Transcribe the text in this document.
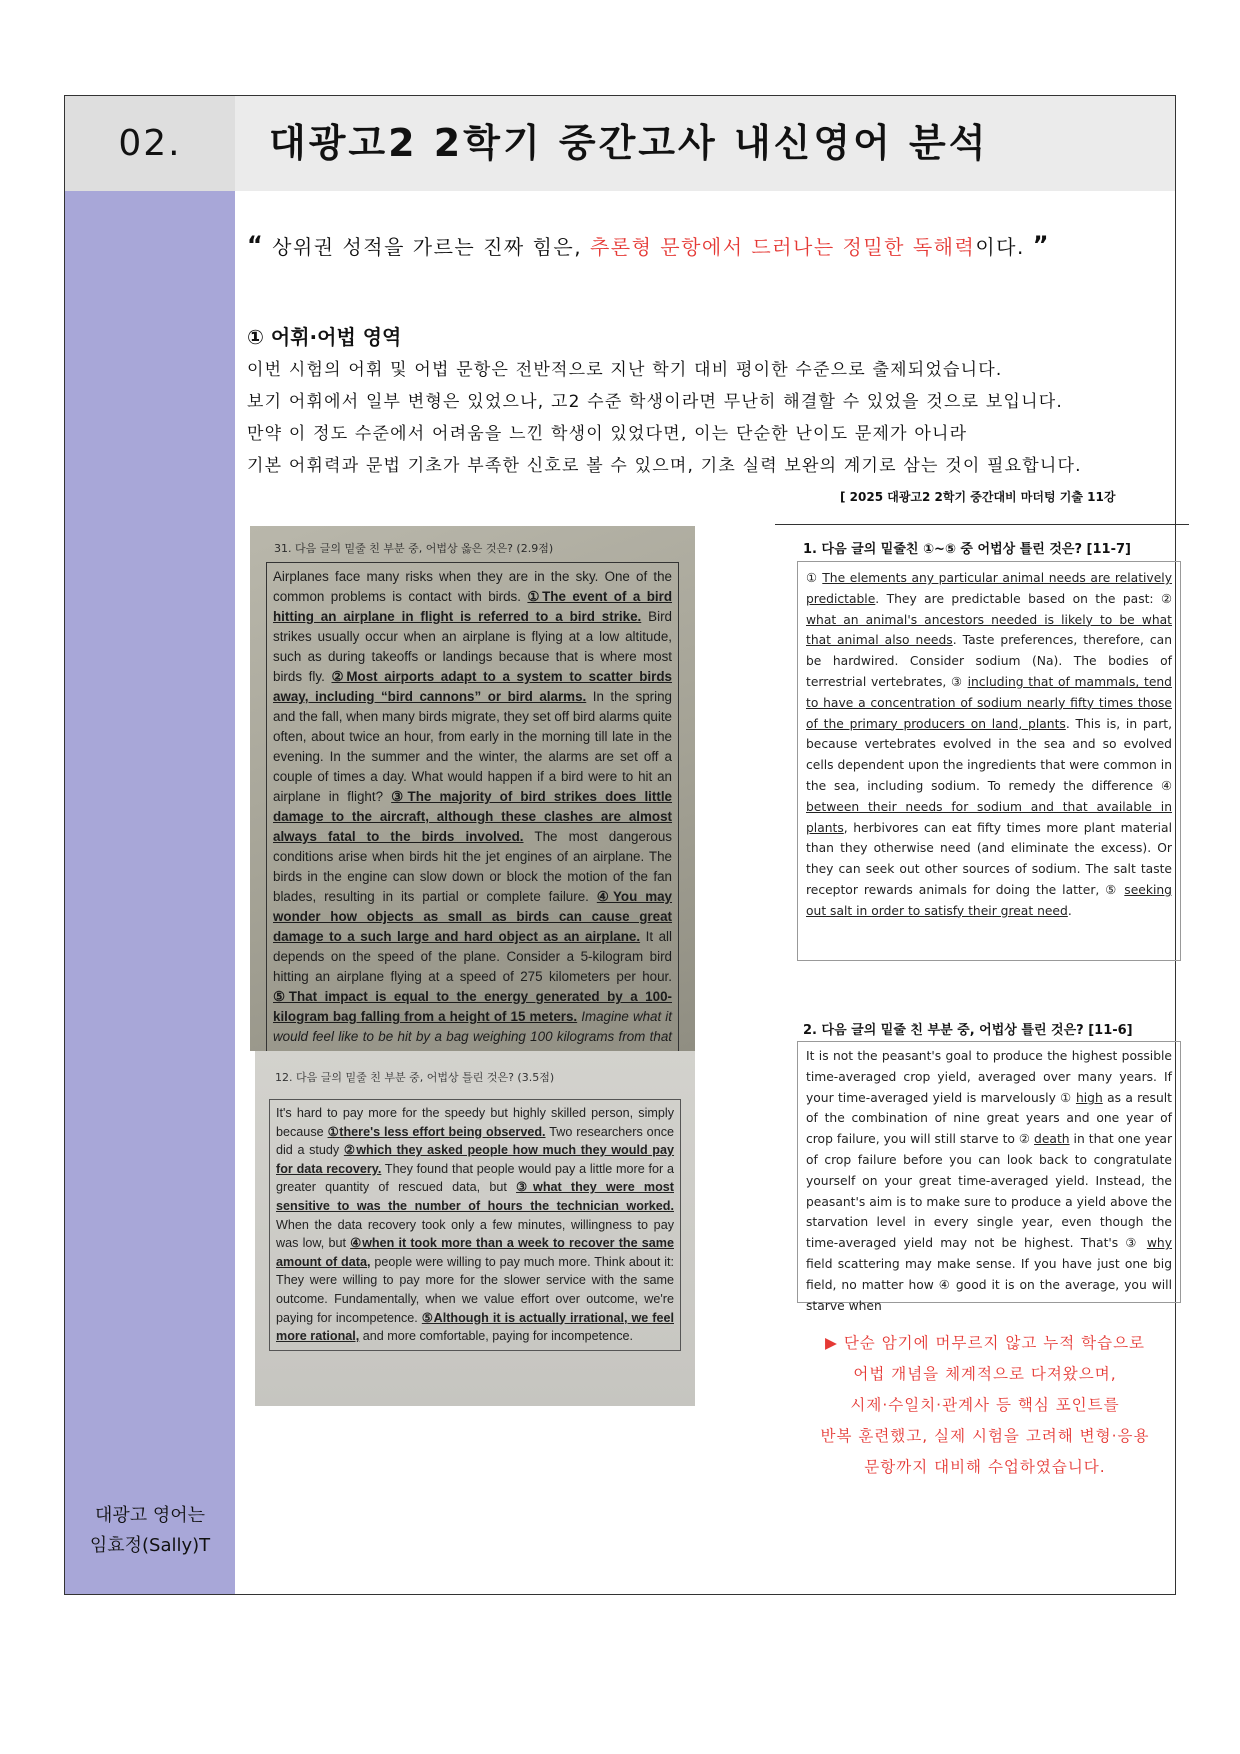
02.	대광고2 2학기 중간고사 내신영어 분석
대광고 영어는
임효정(Sally)T
“ 상위권 성적을 가르는 진짜 힘은, 추론형 문항에서 드러나는 정밀한 독해력이다. ”
① 어휘·어법 영역
이번 시험의 어휘 및 어법 문항은 전반적으로 지난 학기 대비 평이한 수준으로 출제되었습니다.
보기 어휘에서 일부 변형은 있었으나, 고2 수준 학생이라면 무난히 해결할 수 있었을 것으로 보입니다.
만약 이 정도 수준에서 어려움을 느낀 학생이 있었다면, 이는 단순한 난이도 문제가 아니라
기본 어휘력과 문법 기초가 부족한 신호로 볼 수 있으며, 기초 실력 보완의 계기로 삼는 것이 필요합니다.
[ 2025 대광고2 2학기 중간대비 마더텅 기출 11강
31. 다음 글의 밑줄 친 부분 중, 어법상 옳은 것은? (2.9점)
Airplanes face many risks when they are in the sky. One of the common problems is contact with birds. ①The event of a bird hitting an airplane in flight is referred to a bird strike. Bird strikes usually occur when an airplane is flying at a low altitude, such as during takeoffs or landings because that is where most birds fly. ②Most airports adapt to a system to scatter birds away, including “bird cannons” or bird alarms. In the spring and the fall, when many birds migrate, they set off bird alarms quite often, about twice an hour, from early in the morning till late in the evening. In the summer and the winter, the alarms are set off a couple of times a day. What would happen if a bird were to hit an airplane in flight? ③The majority of bird strikes does little damage to the aircraft, although these clashes are almost always fatal to the birds involved. The most dangerous conditions arise when birds hit the jet engines of an airplane. The birds in the engine can slow down or block the motion of the fan blades, resulting in its partial or complete failure. ④You may wonder how objects as small as birds can cause great damage to a such large and hard object as an airplane. It all depends on the speed of the plane. Consider a 5-kilogram bird hitting an airplane flying at a speed of 275 kilometers per hour. ⑤That impact is equal to the energy generated by a 100-kilogram bag falling from a height of 15 meters. Imagine what it would feel like to be hit by a bag weighing 100 kilograms from that
12. 다음 글의 밑줄 친 부분 중, 어법상 틀린 것은? (3.5점)
It's hard to pay more for the speedy but highly skilled person, simply because ①there's less effort being observed. Two researchers once did a study ②which they asked people how much they would pay for data recovery. They found that people would pay a little more for a greater quantity of rescued data, but ③what they were most sensitive to was the number of hours the technician worked. When the data recovery took only a few minutes, willingness to pay was low, but ④when it took more than a week to recover the same amount of data, people were willing to pay much more. Think about it: They were willing to pay more for the slower service with the same outcome. Fundamentally, when we value effort over outcome, we're paying for incompetence. ⑤Although it is actually irrational, we feel more rational, and more comfortable, paying for incompetence.
1. 다음 글의 밑줄친 ①~⑤ 중 어법상 틀린 것은? [11-7]
① The elements any particular animal needs are relatively predictable. They are predictable based on the past: ② what an animal's ancestors needed is likely to be what that animal also needs. Taste preferences, therefore, can be hardwired. Consider sodium (Na). The bodies of terrestrial vertebrates, ③ including that of mammals, tend to have a concentration of sodium nearly fifty times those of the primary producers on land, plants. This is, in part, because vertebrates evolved in the sea and so evolved cells dependent upon the ingredients that were common in the sea, including sodium. To remedy the difference ④ between their needs for sodium and that available in plants, herbivores can eat fifty times more plant material than they otherwise need (and eliminate the excess). Or they can seek out other sources of sodium. The salt taste receptor rewards animals for doing the latter, ⑤ seeking out salt in order to satisfy their great need.
2. 다음 글의 밑줄 친 부분 중, 어법상 틀린 것은? [11-6]
It is not the peasant's goal to produce the highest possible time-averaged crop yield, averaged over many years. If your time-averaged yield is marvelously ① high as a result of the combination of nine great years and one year of crop failure, you will still starve to ② death in that one year of crop failure before you can look back to congratulate yourself on your great time-averaged yield. Instead, the peasant's aim is to make sure to produce a yield above the starvation level in every single year, even though the time-averaged yield may not be highest. That's ③ why field scattering may make sense. If you have just one big field, no matter how ④ good it is on the average, you will starve when
▶ 단순 암기에 머무르지 않고 누적 학습으로
어법 개념을 체계적으로 다져왔으며,
시제·수일치·관계사 등 핵심 포인트를
반복 훈련했고, 실제 시험을 고려해 변형·응용
문항까지 대비해 수업하였습니다.
